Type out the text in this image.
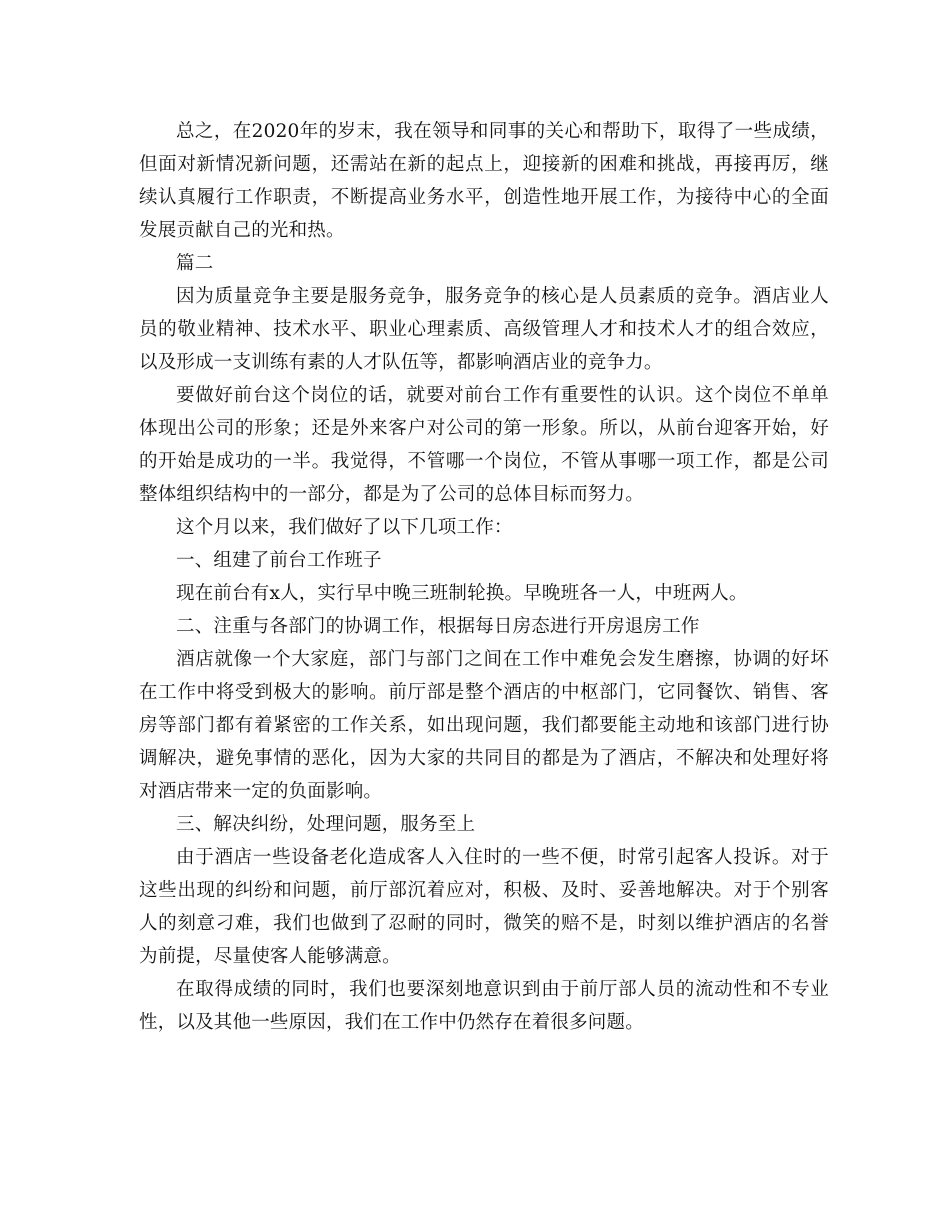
总之，在2020年的岁末，我在领导和同事的关心和帮助下，取得了一些成绩，但面对新情况新问题，还需站在新的起点上，迎接新的困难和挑战，再接再厉，继续认真履行工作职责，不断提高业务水平，创造性地开展工作，为接待中心的全面发展贡献自己的光和热。

篇二

因为质量竞争主要是服务竞争，服务竞争的核心是人员素质的竞争。酒店业人员的敬业精神、技术水平、职业心理素质、高级管理人才和技术人才的组合效应，以及形成一支训练有素的人才队伍等，都影响酒店业的竞争力。

要做好前台这个岗位的话，就要对前台工作有重要性的认识。这个岗位不单单体现出公司的形象；还是外来客户对公司的第一形象。所以，从前台迎客开始，好的开始是成功的一半。我觉得，不管哪一个岗位，不管从事哪一项工作，都是公司整体组织结构中的一部分，都是为了公司的总体目标而努力。

这个月以来，我们做好了以下几项工作：

一、组建了前台工作班子

现在前台有x人，实行早中晚三班制轮换。早晚班各一人，中班两人。

二、注重与各部门的协调工作，根据每日房态进行开房退房工作

酒店就像一个大家庭，部门与部门之间在工作中难免会发生磨擦，协调的好坏在工作中将受到极大的影响。前厅部是整个酒店的中枢部门，它同餐饮、销售、客房等部门都有着紧密的工作关系，如出现问题，我们都要能主动地和该部门进行协调解决，避免事情的恶化，因为大家的共同目的都是为了酒店，不解决和处理好将对酒店带来一定的负面影响。

三、解决纠纷，处理问题，服务至上

由于酒店一些设备老化造成客人入住时的一些不便，时常引起客人投诉。对于这些出现的纠纷和问题，前厅部沉着应对，积极、及时、妥善地解决。对于个别客人的刻意刁难，我们也做到了忍耐的同时，微笑的赔不是，时刻以维护酒店的名誉为前提，尽量使客人能够满意。

在取得成绩的同时，我们也要深刻地意识到由于前厅部人员的流动性和不专业性，以及其他一些原因，我们在工作中仍然存在着很多问题。
